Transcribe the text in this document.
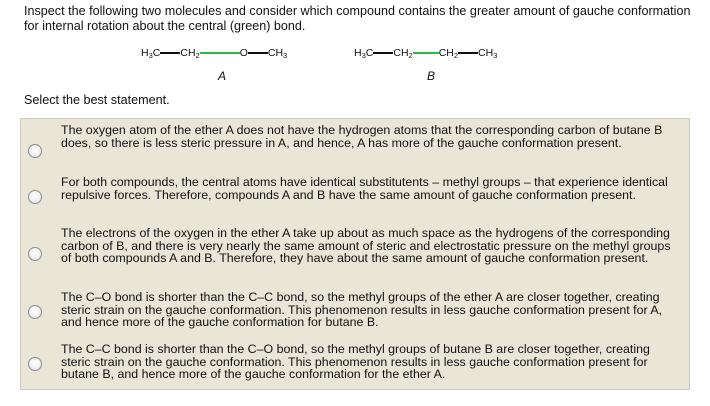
Inspect the following two molecules and consider which compound contains the greater amount of gauche conformation for internal rotation about the central (green) bond.

$H_3C$ $CH_2$	O $CH_3$
A
$H_3C$ $CH_2$ $CH_2$ $CH_3$
B

Select the best statement.

The oxygen atom of the ether A does not have the hydrogen atoms that the corresponding carbon of butane B does, so there is less steric pressure in A, and hence, A has more of the gauche conformation present.

For both compounds, the central atoms have identical substitutents – methyl groups – that experience identical repulsive forces. Therefore, compounds A and B have the same amount of gauche conformation present.

The electrons of the oxygen in the ether A take up about as much space as the hydrogens of the corresponding carbon of B, and there is very nearly the same amount of steric and electrostatic pressure on the methyl groups of both compounds A and B. Therefore, they have about the same amount of gauche conformation present.

The C–O bond is shorter than the C–C bond, so the methyl groups of the ether A are closer together, creating steric strain on the gauche conformation. This phenomenon results in less gauche conformation present for A, and hence more of the gauche conformation for butane B.

The C–C bond is shorter than the C–O bond, so the methyl groups of butane B are closer together, creating steric strain on the gauche conformation. This phenomenon results in less gauche conformation present for butane B, and hence more of the gauche conformation for the ether A.
